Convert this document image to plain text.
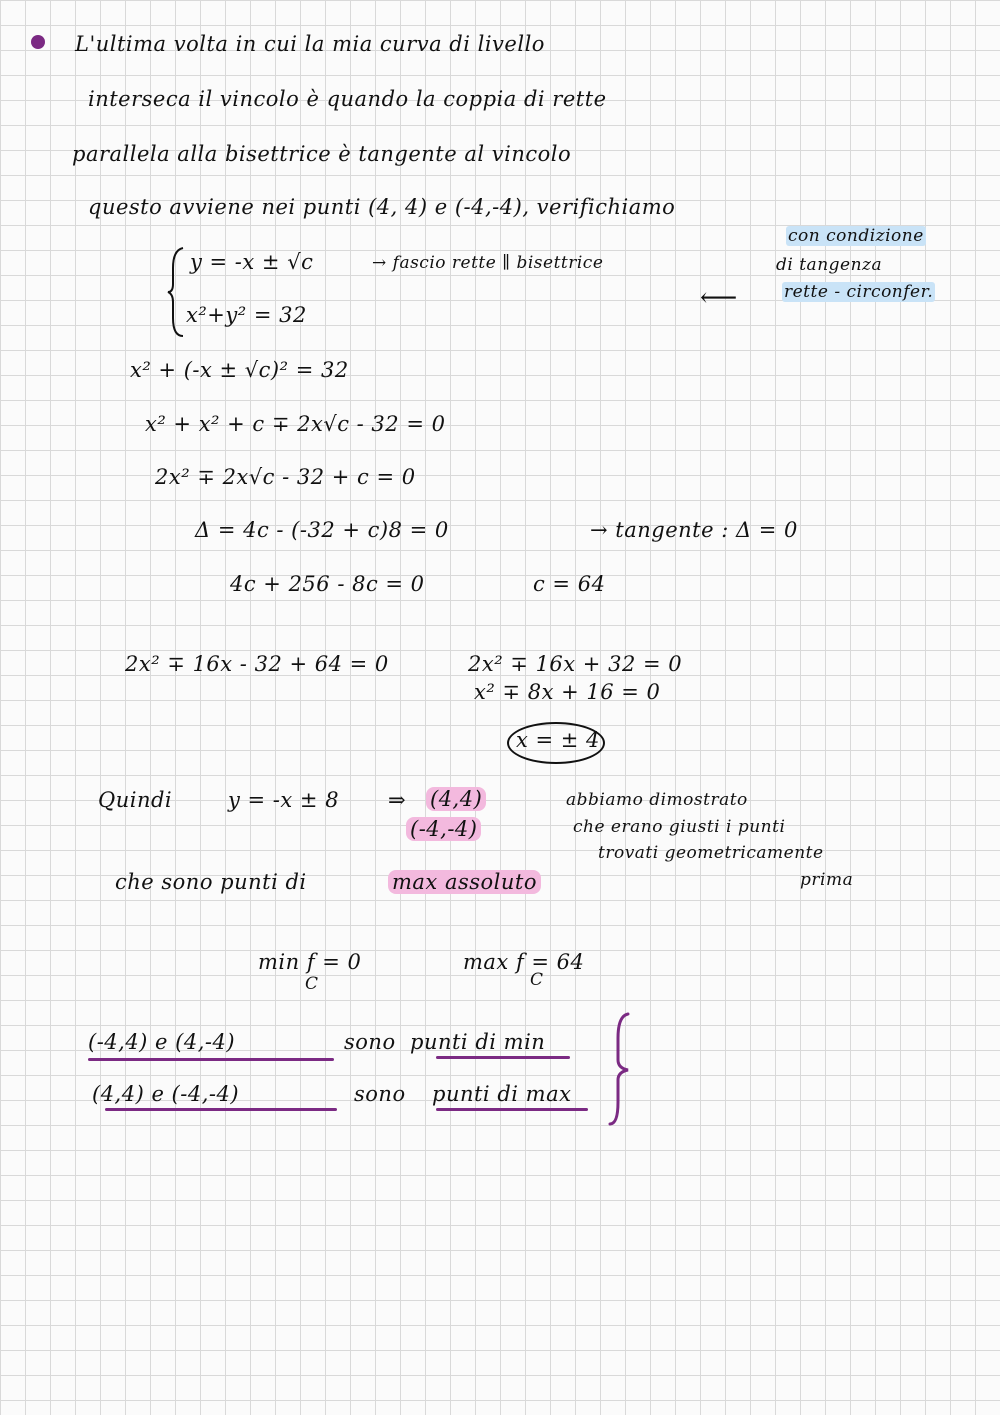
L'ultima volta in cui la mia curva di livello
interseca il vincolo è quando la coppia di rette
parallela alla bisettrice è tangente al vincolo
questo avviene nei punti (4, 4) e (-4,-4), verifichiamo
con condizione
di tangenza
rette - circonfer.
y = -x ± √c	→ fascio rette ∥ bisettrice
x²+y² = 32
⟵
x² + (-x ± √c)² = 32
x² + x² + c ∓ 2x√c - 32 = 0
2x² ∓ 2x√c - 32 + c = 0
Δ = 4c - (-32 + c)8 = 0	→ tangente : Δ = 0
4c + 256 - 8c = 0	c = 64
2x² ∓ 16x - 32 + 64 = 0	2x² ∓ 16x + 32 = 0
x² ∓ 8x + 16 = 0
x = ± 4
Quindi	y = -x ± 8 ⇒ (4,4)
(-4,-4)
abbiamo dimostrato
che erano giusti i punti
trovati geometricamente
prima
che sono punti di	max assoluto
min f = 0
C
max f = 64
C
(-4,4) e (4,-4)	sono punti di min
(4,4) e (-4,-4)	sono punti di max
